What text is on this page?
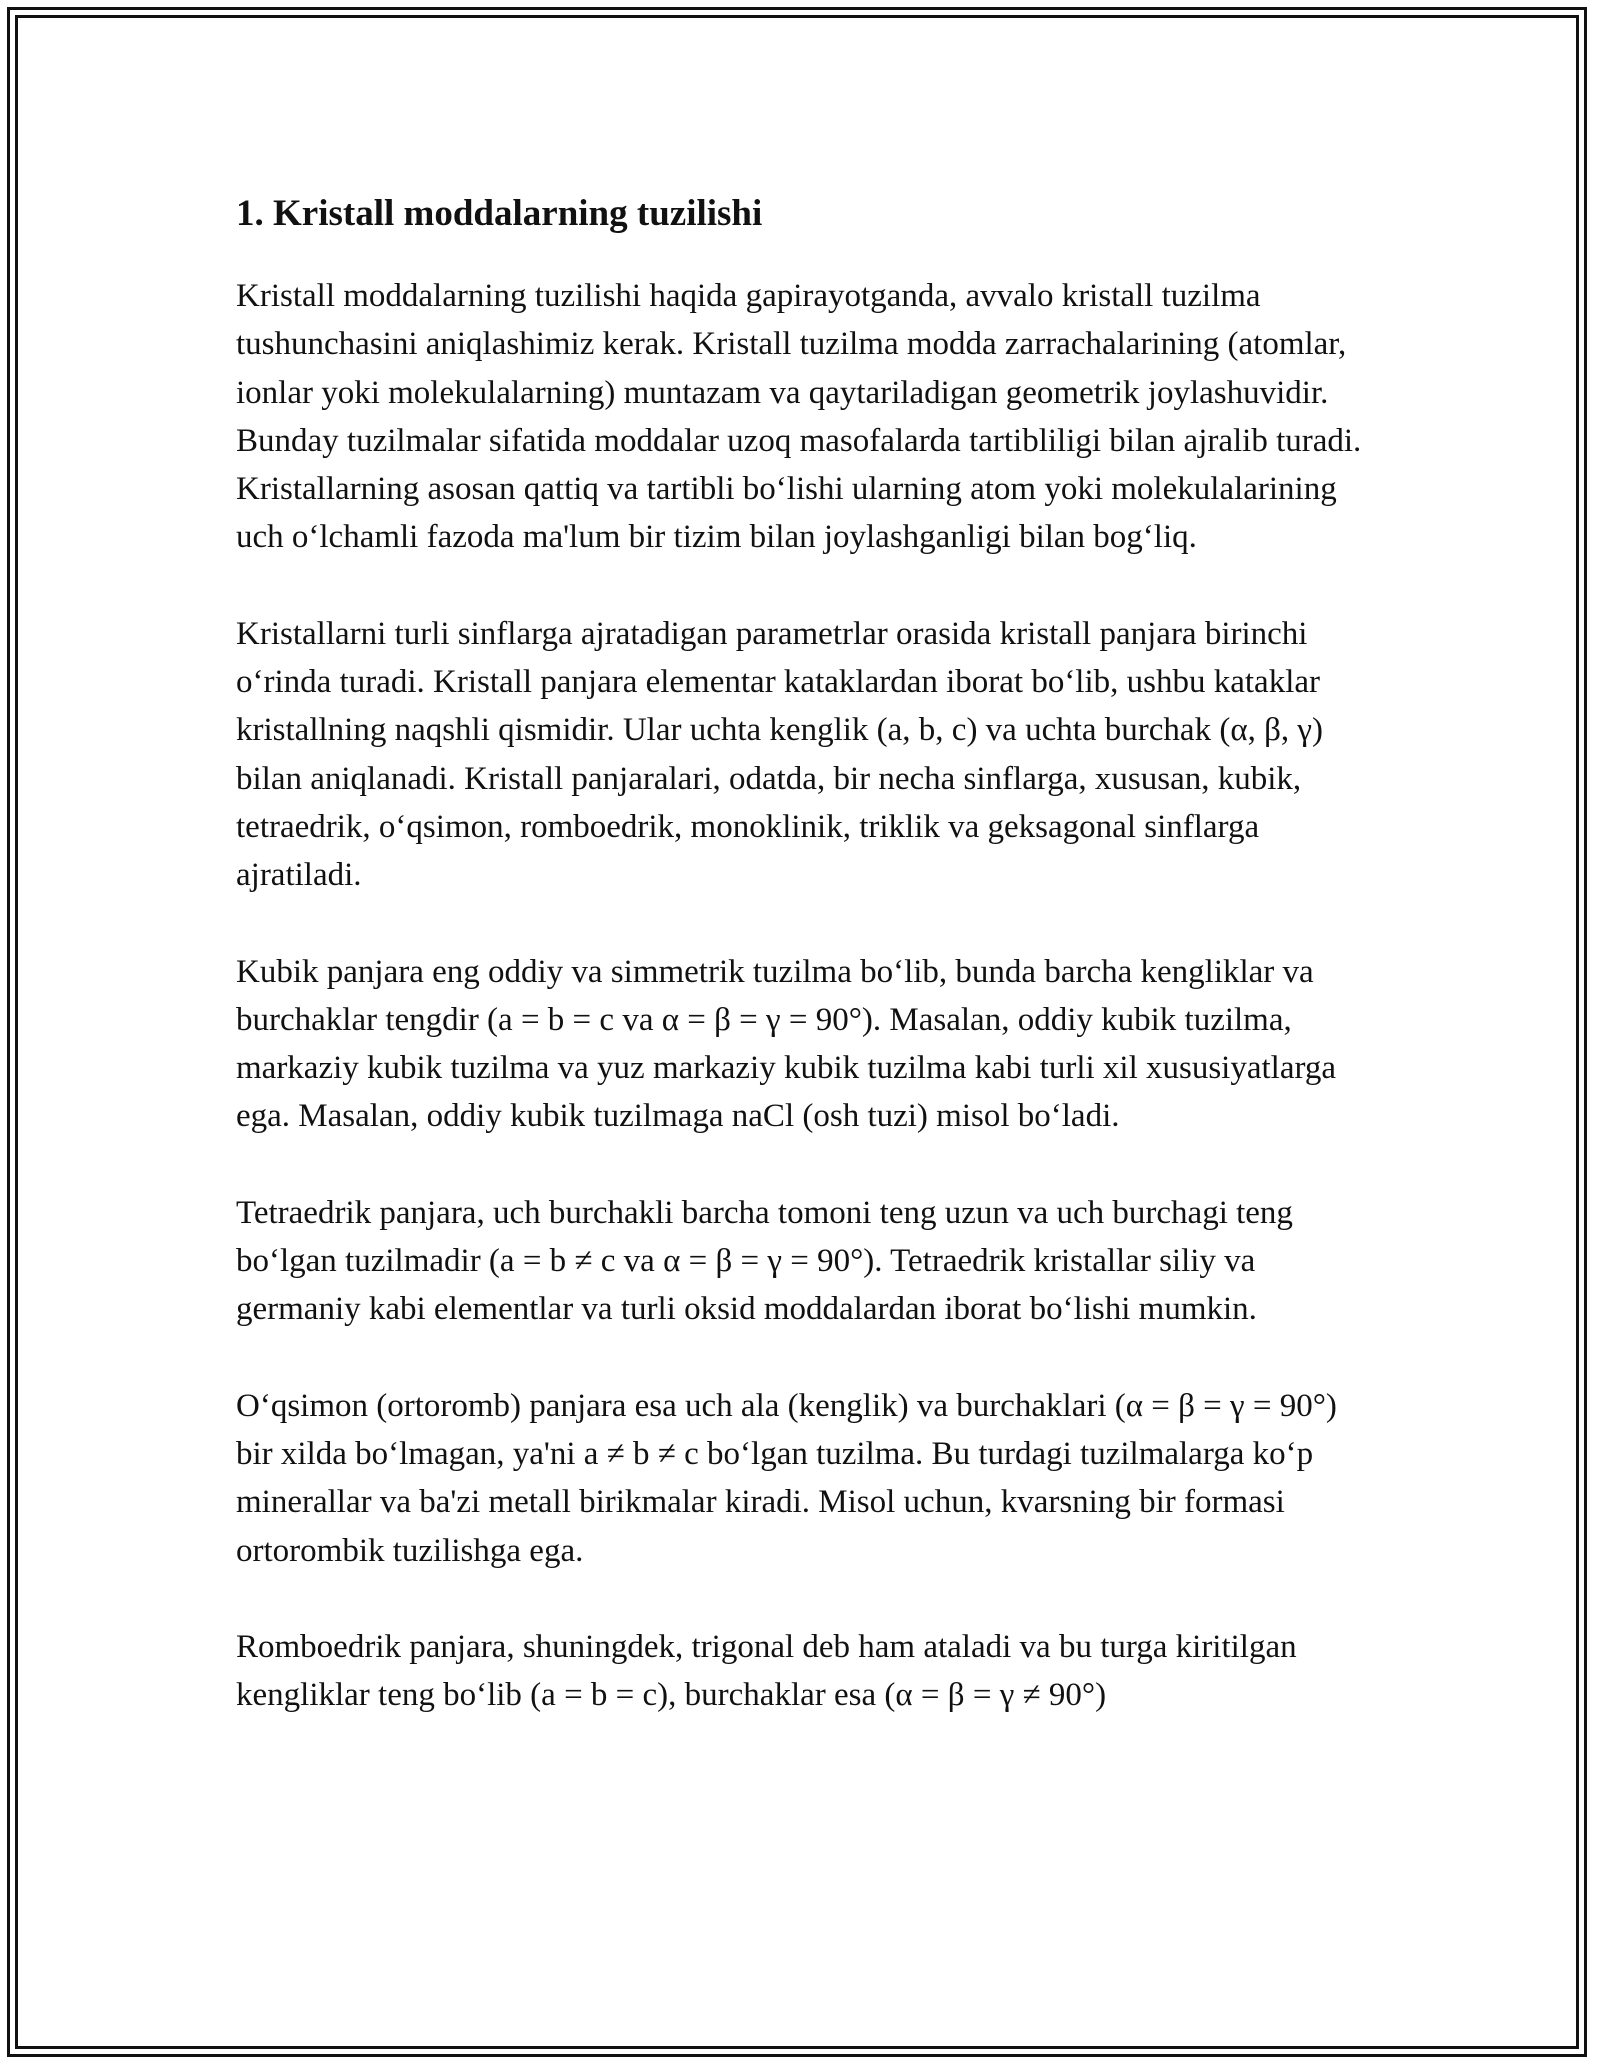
1. Kristall moddalarning tuzilishi

Kristall moddalarning tuzilishi haqida gapirayotganda, avvalo kristall tuzilma tushunchasini aniqlashimiz kerak. Kristall tuzilma modda zarrachalarining (atomlar, ionlar yoki molekulalarning) muntazam va qaytariladigan geometrik joylashuvidir. Bunday tuzilmalar sifatida moddalar uzoq masofalarda tartibliligi bilan ajralib turadi. Kristallarning asosan qattiq va tartibli boʻlishi ularning atom yoki molekulalarining uch oʻlchamli fazoda ma'lum bir tizim bilan joylashganligi bilan bogʻliq.

Kristallarni turli sinflarga ajratadigan parametrlar orasida kristall panjara birinchi oʻrinda turadi. Kristall panjara elementar kataklardan iborat boʻlib, ushbu kataklar kristallning naqshli qismidir. Ular uchta kenglik (a, b, c) va uchta burchak (α, β, γ) bilan aniqlanadi. Kristall panjaralari, odatda, bir necha sinflarga, xususan, kubik, tetraedrik, oʻqsimon, romboedrik, monoklinik, triklik va geksagonal sinflarga ajratiladi.

Kubik panjara eng oddiy va simmetrik tuzilma boʻlib, bunda barcha kengliklar va burchaklar tengdir (a = b = c va α = β = γ = 90°). Masalan, oddiy kubik tuzilma, markaziy kubik tuzilma va yuz markaziy kubik tuzilma kabi turli xil xususiyatlarga ega. Masalan, oddiy kubik tuzilmaga naCl (osh tuzi) misol boʻladi.

Tetraedrik panjara, uch burchakli barcha tomoni teng uzun va uch burchagi teng boʻlgan tuzilmadir (a = b ≠ c va α = β = γ = 90°). Tetraedrik kristallar siliy va germaniy kabi elementlar va turli oksid moddalardan iborat boʻlishi mumkin.

Oʻqsimon (ortoromb) panjara esa uch ala (kenglik) va burchaklari (α = β = γ = 90°) bir xilda boʻlmagan, ya'ni a ≠ b ≠ c boʻlgan tuzilma. Bu turdagi tuzilmalarga koʻp minerallar va ba'zi metall birikmalar kiradi. Misol uchun, kvarsning bir formasi ortorombik tuzilishga ega.

Romboedrik panjara, shuningdek, trigonal deb ham ataladi va bu turga kiritilgan kengliklar teng boʻlib (a = b = c), burchaklar esa (α = β = γ ≠ 90°)
